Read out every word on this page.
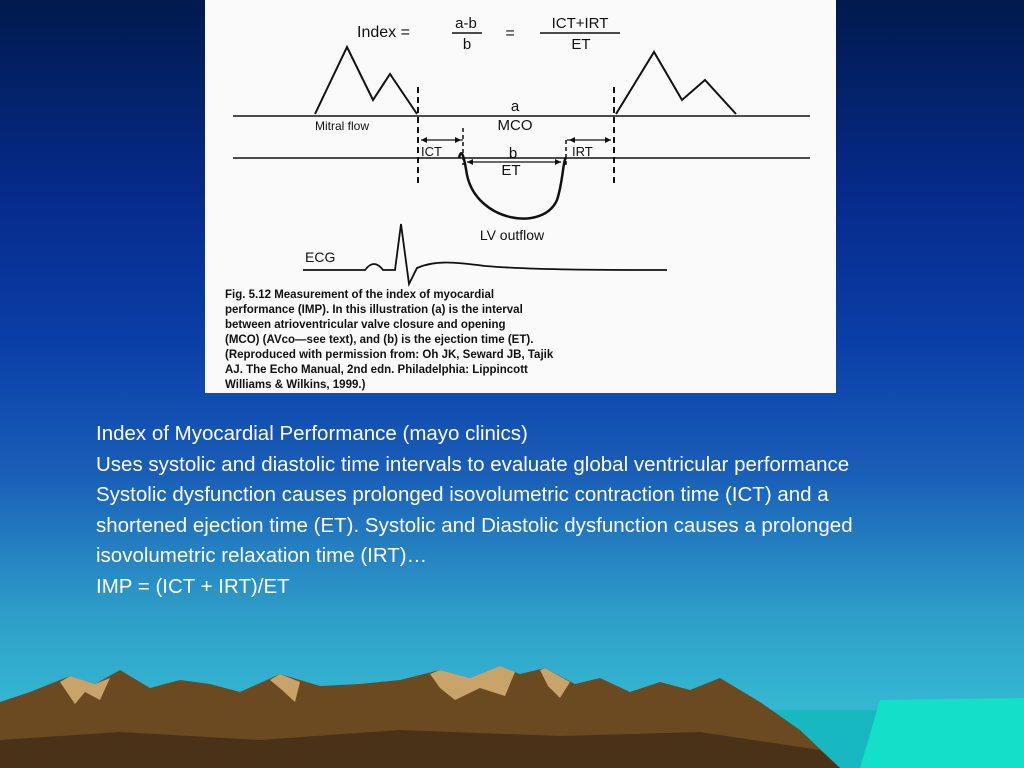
Index =
a-b
b
=
ICT+IRT
ET
a
MCO
Mitral flow
ICT	b
ET
IRT
LV outflow
ECG
Fig. 5.12 Measurement of the index of myocardial
performance (IMP). In this illustration (a) is the interval
between atrioventricular valve closure and opening
(MCO) (AVco—see text), and (b) is the ejection time (ET).
(Reproduced with permission from: Oh JK, Seward JB, Tajik
AJ. The Echo Manual, 2nd edn. Philadelphia: Lippincott
Williams & Wilkins, 1999.)

Index of Myocardial Performance (mayo clinics)

Uses systolic and diastolic time intervals to evaluate global ventricular performance

Systolic dysfunction causes prolonged isovolumetric contraction time (ICT) and a shortened ejection time (ET). Systolic and Diastolic dysfunction causes a prolonged isovolumetric relaxation time (IRT)…

IMP = (ICT + IRT)/ET
